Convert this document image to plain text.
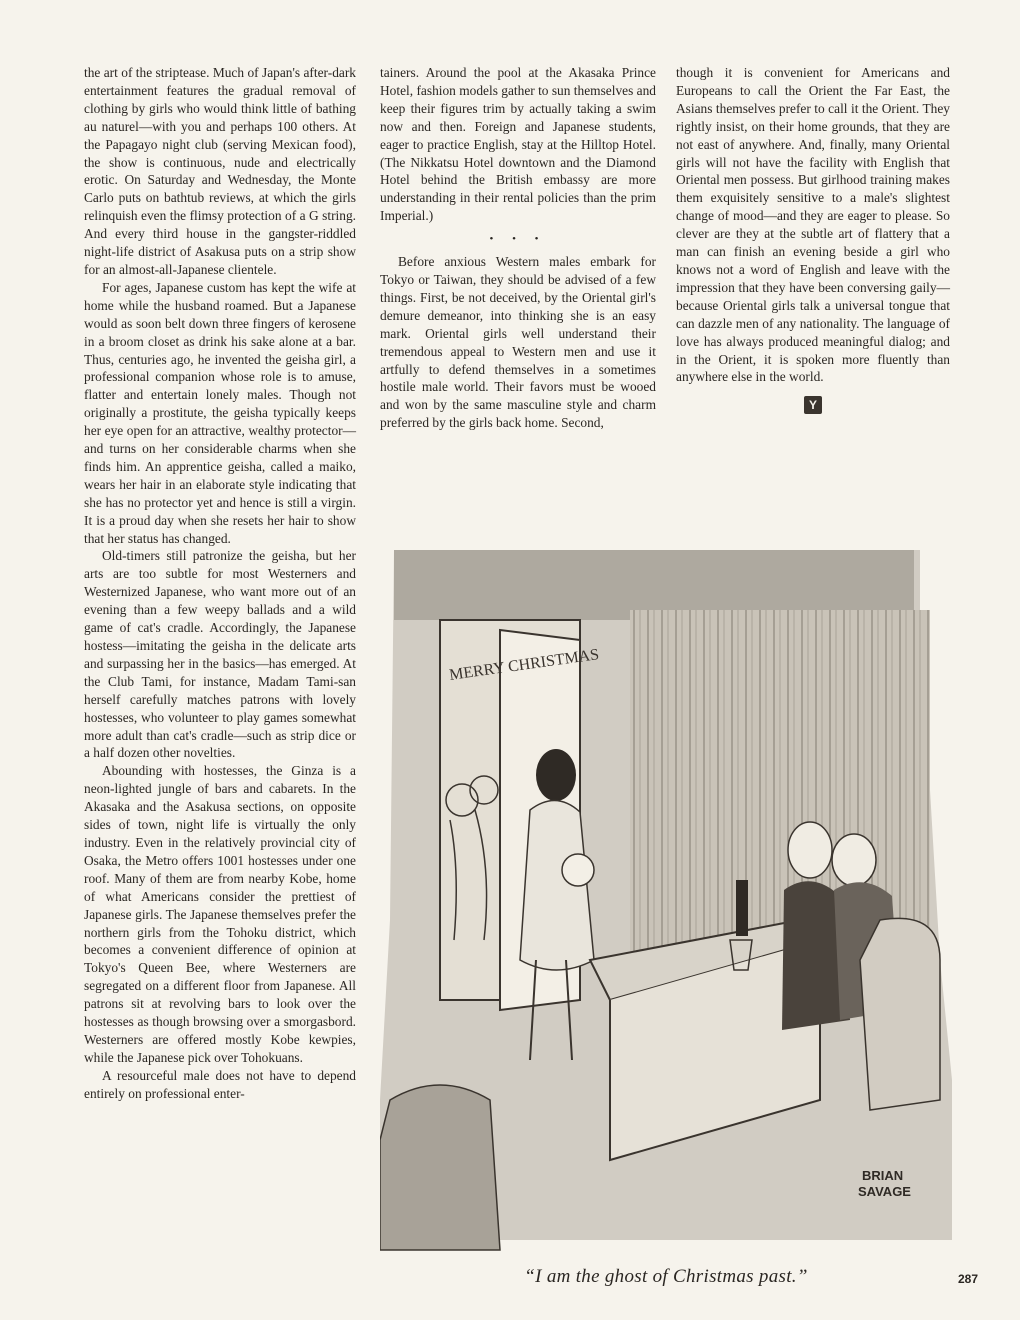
the art of the striptease. Much of Japan's after-dark entertainment features the gradual removal of clothing by girls who would think little of bathing au naturel—with you and perhaps 100 others. At the Papagayo night club (serving Mexican food), the show is continuous, nude and electrically erotic. On Saturday and Wednesday, the Monte Carlo puts on bathtub reviews, at which the girls relinquish even the flimsy protection of a G string. And every third house in the gangster-riddled night-life district of Asakusa puts on a strip show for an almost-all-Japanese clientele.

For ages, Japanese custom has kept the wife at home while the husband roamed. But a Japanese would as soon belt down three fingers of kerosene in a broom closet as drink his sake alone at a bar. Thus, centuries ago, he invented the geisha girl, a professional companion whose role is to amuse, flatter and entertain lonely males. Though not originally a prostitute, the geisha typically keeps her eye open for an attractive, wealthy protector—and turns on her considerable charms when she finds him. An apprentice geisha, called a maiko, wears her hair in an elaborate style indicating that she has no protector yet and hence is still a virgin. It is a proud day when she resets her hair to show that her status has changed.

Old-timers still patronize the geisha, but her arts are too subtle for most Westerners and Westernized Japanese, who want more out of an evening than a few weepy ballads and a wild game of cat's cradle. Accordingly, the Japanese hostess—imitating the geisha in the delicate arts and surpassing her in the basics—has emerged. At the Club Tami, for instance, Madam Tami-san herself carefully matches patrons with lovely hostesses, who volunteer to play games somewhat more adult than cat's cradle—such as strip dice or a half dozen other novelties.

Abounding with hostesses, the Ginza is a neon-lighted jungle of bars and cabarets. In the Akasaka and the Asakusa sections, on opposite sides of town, night life is virtually the only industry. Even in the relatively provincial city of Osaka, the Metro offers 1001 hostesses under one roof. Many of them are from nearby Kobe, home of what Americans consider the prettiest of Japanese girls. The Japanese themselves prefer the northern girls from the Tohoku district, which becomes a convenient difference of opinion at Tokyo's Queen Bee, where Westerners are segregated on a different floor from Japanese. All patrons sit at revolving bars to look over the hostesses as though browsing over a smorgasbord. Westerners are offered mostly Kobe kewpies, while the Japanese pick over Tohokuans.

A resourceful male does not have to depend entirely on professional enter-

tainers. Around the pool at the Akasaka Prince Hotel, fashion models gather to sun themselves and keep their figures trim by actually taking a swim now and then. Foreign and Japanese students, eager to practice English, stay at the Hilltop Hotel. (The Nikkatsu Hotel downtown and the Diamond Hotel behind the British embassy are more understanding in their rental policies than the prim Imperial.)

• • •

Before anxious Western males embark for Tokyo or Taiwan, they should be advised of a few things. First, be not deceived, by the Oriental girl's demure demeanor, into thinking she is an easy mark. Oriental girls well understand their tremendous appeal to Western men and use it artfully to defend themselves in a sometimes hostile male world. Their favors must be wooed and won by the same masculine style and charm preferred by the girls back home. Second,

though it is convenient for Americans and Europeans to call the Orient the Far East, the Asians themselves prefer to call it the Orient. They rightly insist, on their home grounds, that they are not east of anywhere. And, finally, many Oriental girls will not have the facility with English that Oriental men possess. But girlhood training makes them exquisitely sensitive to a male's slightest change of mood—and they are eager to please. So clever are they at the subtle art of flattery that a man can finish an evening beside a girl who knows not a word of English and leave with the impression that they have been conversing gaily—because Oriental girls talk a universal tongue that can dazzle men of any nationality. The language of love has always produced meaningful dialog; and in the Orient, it is spoken more fluently than anywhere else in the world.

Y
MERRY CHRISTMAS
BRIAN
SAVAGE
“I am the ghost of Christmas past.”	287
